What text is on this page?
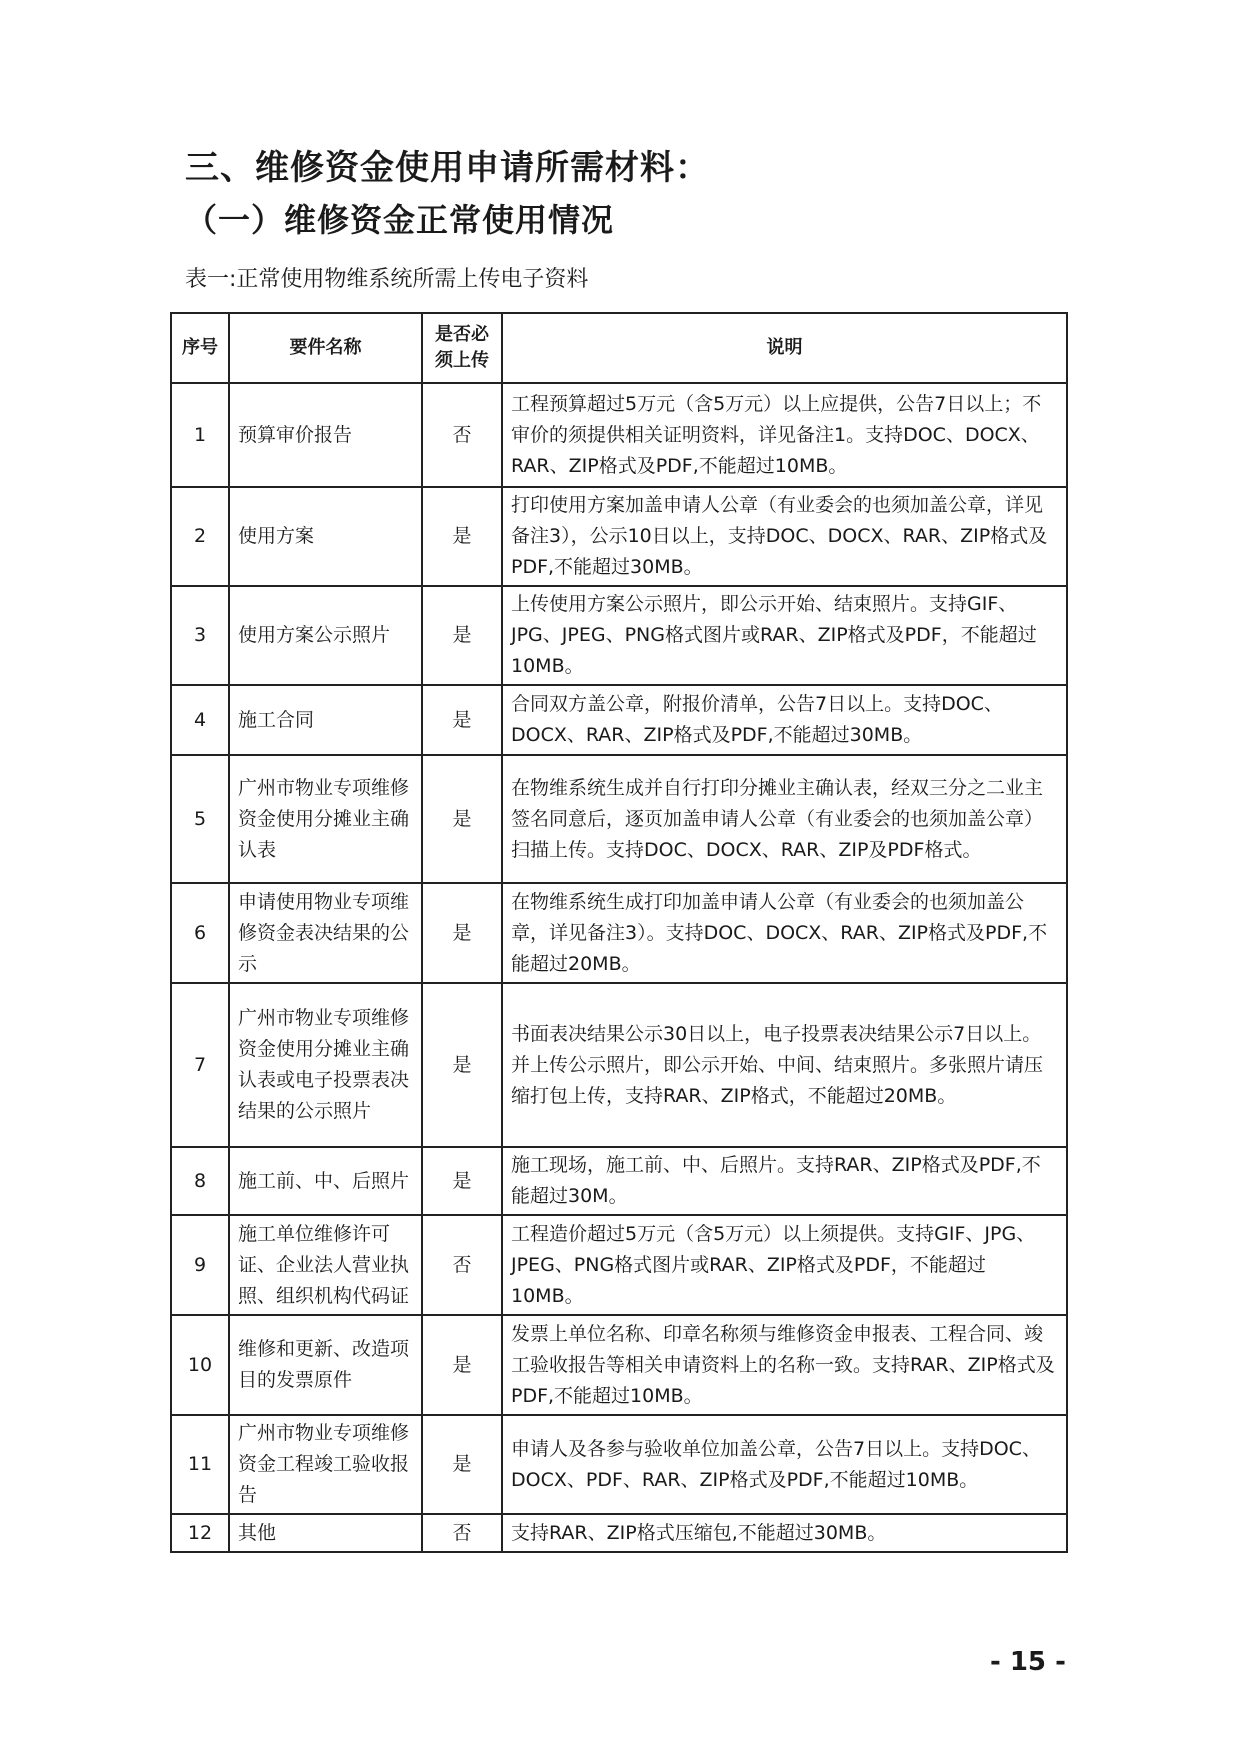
三、维修资金使用申请所需材料：
（一）维修资金正常使用情况
表一:正常使用物维系统所需上传电子资料
序号	要件名称	是否必须上传	说明
1	预算审价报告	否	工程预算超过5万元（含5万元）以上应提供，公告7日以上；不审价的须提供相关证明资料，详见备注1。支持DOC、DOCX、RAR、ZIP格式及PDF,不能超过10MB。
2	使用方案	是	打印使用方案加盖申请人公章（有业委会的也须加盖公章，详见备注3），公示10日以上，支持DOC、DOCX、RAR、ZIP格式及PDF,不能超过30MB。
3	使用方案公示照片	是	上传使用方案公示照片，即公示开始、结束照片。支持GIF、JPG、JPEG、PNG格式图片或RAR、ZIP格式及PDF，不能超过10MB。
4	施工合同	是	合同双方盖公章，附报价清单，公告7日以上。支持DOC、DOCX、RAR、ZIP格式及PDF,不能超过30MB。
5	广州市物业专项维修资金使用分摊业主确认表	是	在物维系统生成并自行打印分摊业主确认表，经双三分之二业主签名同意后，逐页加盖申请人公章（有业委会的也须加盖公章）扫描上传。支持DOC、DOCX、RAR、ZIP及PDF格式。
6	申请使用物业专项维修资金表决结果的公示	是	在物维系统生成打印加盖申请人公章（有业委会的也须加盖公章，详见备注3）。支持DOC、DOCX、RAR、ZIP格式及PDF,不能超过20MB。
7	广州市物业专项维修资金使用分摊业主确认表或电子投票表决结果的公示照片	是	书面表决结果公示30日以上，电子投票表决结果公示7日以上。并上传公示照片，即公示开始、中间、结束照片。多张照片请压缩打包上传，支持RAR、ZIP格式，不能超过20MB。
8	施工前、中、后照片	是	施工现场，施工前、中、后照片。支持RAR、ZIP格式及PDF,不能超过30M。
9	施工单位维修许可证、企业法人营业执照、组织机构代码证	否	工程造价超过5万元（含5万元）以上须提供。支持GIF、JPG、JPEG、PNG格式图片或RAR、ZIP格式及PDF，不能超过10MB。
10	维修和更新、改造项目的发票原件	是	发票上单位名称、印章名称须与维修资金申报表、工程合同、竣工验收报告等相关申请资料上的名称一致。支持RAR、ZIP格式及PDF,不能超过10MB。
11	广州市物业专项维修资金工程竣工验收报告	是	申请人及各参与验收单位加盖公章，公告7日以上。支持DOC、DOCX、PDF、RAR、ZIP格式及PDF,不能超过10MB。
12	其他	否	支持RAR、ZIP格式压缩包,不能超过30MB。
- 15 -
